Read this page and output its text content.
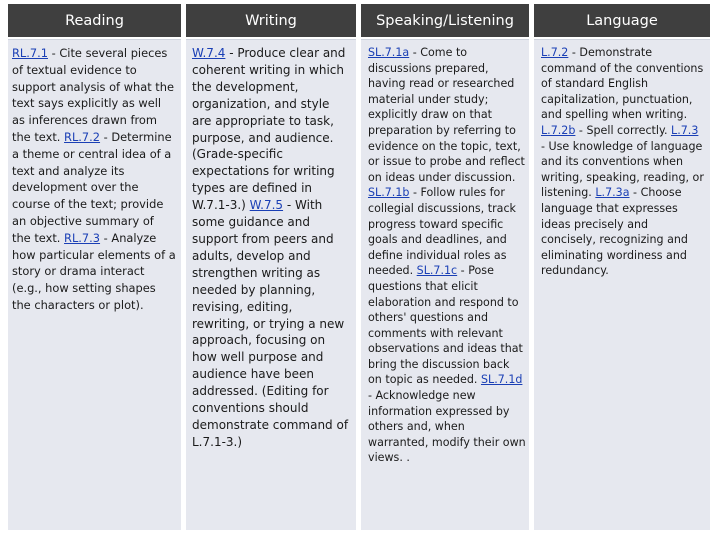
Reading	Writing	Speaking/Listening	Language
RL.7.1 - Cite several pieces of textual evidence to support analysis of what the text says explicitly as well as inferences drawn from the text. RL.7.2 - Determine a theme or central idea of a text and analyze its development over the course of the text; provide an objective summary of the text. RL.7.3 - Analyze how particular elements of a story or drama interact (e.g., how setting shapes the characters or plot).
W.7.4 - Produce clear and coherent writing in which the development, organization, and style are appropriate to task, purpose, and audience. (Grade-specific expectations for writing types are defined in W.7.1-3.) W.7.5 - With some guidance and support from peers and adults, develop and strengthen writing as needed by planning, revising, editing, rewriting, or trying a new approach, focusing on how well purpose and audience have been addressed. (Editing for conventions should demonstrate command of L.7.1-3.)
SL.7.1a - Come to discussions prepared, having read or researched material under study; explicitly draw on that preparation by referring to evidence on the topic, text, or issue to probe and reflect on ideas under discussion. SL.7.1b - Follow rules for collegial discussions, track progress toward specific goals and deadlines, and define individual roles as needed. SL.7.1c - Pose questions that elicit elaboration and respond to others' questions and comments with relevant observations and ideas that bring the discussion back on topic as needed. SL.7.1d - Acknowledge new information expressed by others and, when warranted, modify their own views. .
L.7.2 - Demonstrate command of the conventions of standard English capitalization, punctuation, and spelling when writing. L.7.2b - Spell correctly. L.7.3 - Use knowledge of language and its conventions when writing, speaking, reading, or listening. L.7.3a - Choose language that expresses ideas precisely and concisely, recognizing and eliminating wordiness and redundancy.
